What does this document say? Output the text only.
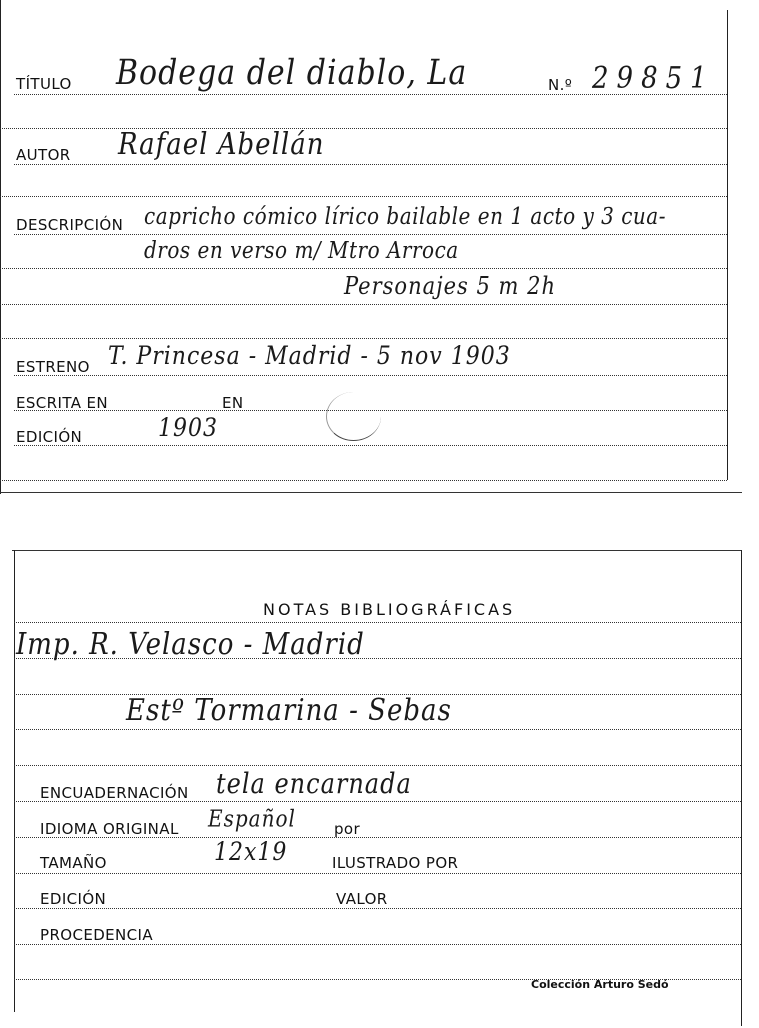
TÍTULO Bodega del diablo, La	N.º 29851
AUTOR Rafael Abellán
DESCRIPCIÓN capricho cómico lírico bailable en 1 acto y 3 cua-
dros en verso m/ Mtro Arroca
Personajes 5 m 2h
ESTRENO T. Princesa - Madrid - 5 nov 1903
ESCRITA EN	EN
EDICIÓN	1903
NOTAS BIBLIOGRÁFICAS
Imp. R. Velasco - Madrid
Estº Tormarina - Sebas
ENCUADERNACIÓN tela encarnada
IDIOMA ORIGINAL Español	por
TAMAÑO	12x19	ILUSTRADO POR
EDICIÓN	VALOR
PROCEDENCIA
Colección Arturo Sedó
